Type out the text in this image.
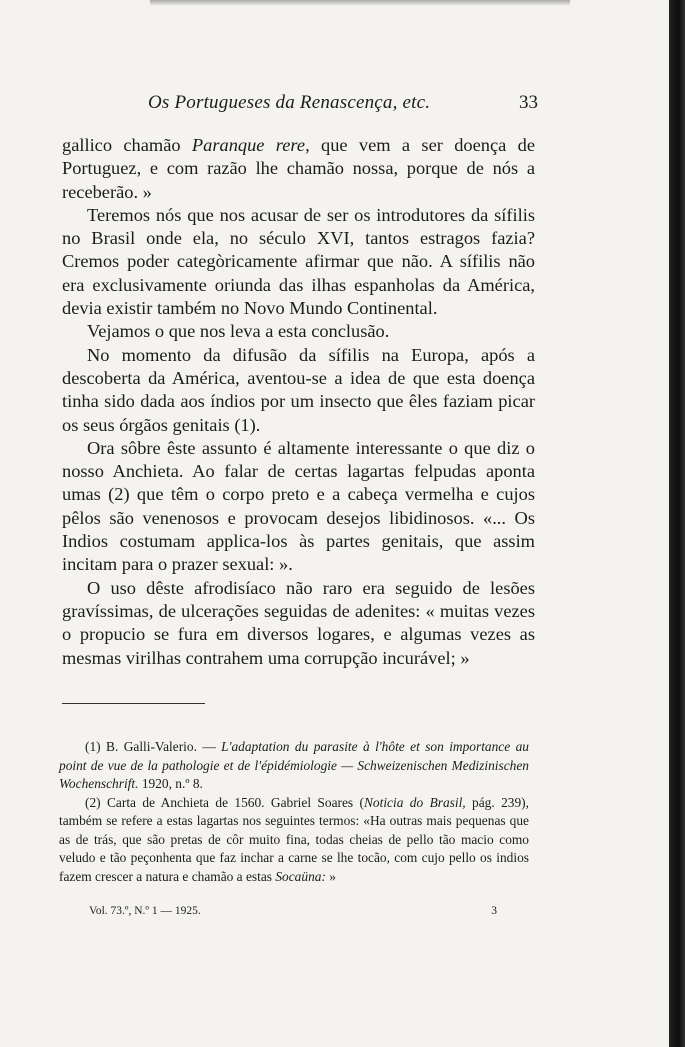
Os Portugueses da Renascença, etc.	33

gallico chamão Paranque rere, que vem a ser doença de Portuguez, e com razão lhe chamão nossa, porque de nós a receberão. »

Teremos nós que nos acusar de ser os introdutores da sífilis no Brasil onde ela, no século XVI, tantos estragos fazia? Cremos poder categòricamente afirmar que não. A sífilis não era exclusivamente oriunda das ilhas espanholas da América, devia existir também no Novo Mundo Continental.

Vejamos o que nos leva a esta conclusão.

No momento da difusão da sífilis na Europa, após a descoberta da América, aventou-se a idea de que esta doença tinha sido dada aos índios por um insecto que êles faziam picar os seus órgãos genitais (1).

Ora sôbre êste assunto é altamente interessante o que diz o nosso Anchieta. Ao falar de certas lagartas felpudas aponta umas (2) que têm o corpo preto e a cabeça vermelha e cujos pêlos são venenosos e provocam desejos libidinosos. «... Os Indios costumam applica-los às partes genitais, que assim incitam para o prazer sexual: ».

O uso dêste afrodisíaco não raro era seguido de lesões gravíssimas, de ulcerações seguidas de adenites: « muitas vezes o propucio se fura em diversos logares, e algumas vezes as mesmas virilhas contrahem uma corrupção incurável; »

(1) B. Galli-Valerio. — L'adaptation du parasite à l'hôte et son importance au point de vue de la pathologie et de l'épidémiologie — Schweizenischen Medizinischen Wochenschrift. 1920, n.º 8.

(2) Carta de Anchieta de 1560. Gabriel Soares (Noticia do Brasil, pág. 239), também se refere a estas lagartas nos seguintes termos: «Ha outras mais pequenas que as de trás, que são pretas de côr muito fina, todas cheias de pello tão macio como veludo e tão peçonhenta que faz inchar a carne se lhe tocão, com cujo pello os indios fazem crescer a natura e chamão a estas Socaüna: »

Vol. 73.º, N.º 1 — 1925.	3
